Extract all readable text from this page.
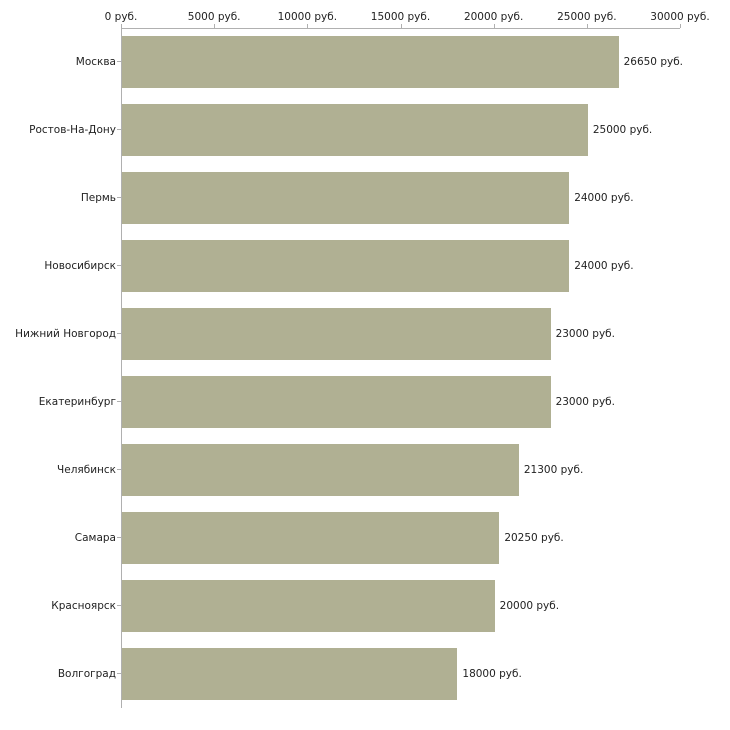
0 руб.	5000 руб.	10000 руб.	15000 руб.	20000 руб.	25000 руб.	30000 руб.
Москва	26650 руб.
Ростов-На-Дону	25000 руб.
Пермь	24000 руб.
Новосибирск	24000 руб.
Нижний Новгород	23000 руб.
Екатеринбург	23000 руб.
Челябинск	21300 руб.
Самара	20250 руб.
Красноярск	20000 руб.
Волгоград	18000 руб.
